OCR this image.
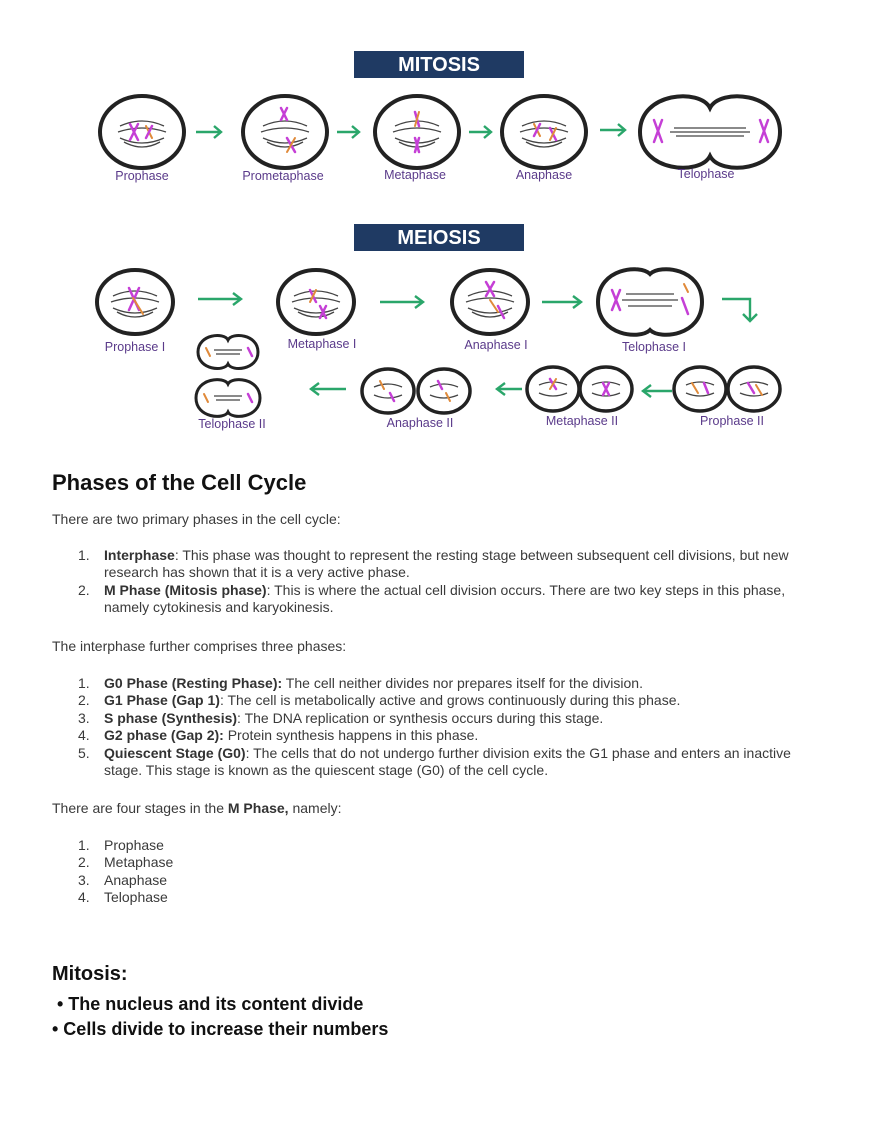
MITOSIS
Prophase	Prometaphase	Metaphase	Anaphase	Telophase
MEIOSIS
Prophase I	Metaphase I	Anaphase I	Telophase I
Telophase II	Anaphase II	Metaphase II	Prophase II
Phases of the Cell Cycle

There are two primary phases in the cell cycle:

1. Interphase: This phase was thought to represent the resting stage between subsequent cell divisions, but new research has shown that it is a very active phase.
2. M Phase (Mitosis phase): This is where the actual cell division occurs. There are two key steps in this phase, namely cytokinesis and karyokinesis.

The interphase further comprises three phases:

1. G0 Phase (Resting Phase): The cell neither divides nor prepares itself for the division.
2. G1 Phase (Gap 1): The cell is metabolically active and grows continuously during this phase.
3. S phase (Synthesis): The DNA replication or synthesis occurs during this stage.
4. G2 phase (Gap 2): Protein synthesis happens in this phase.
5. Quiescent Stage (G0): The cells that do not undergo further division exits the G1 phase and enters an inactive stage. This stage is known as the quiescent stage (G0) of the cell cycle.

There are four stages in the M Phase, namely:

1. Prophase
2. Metaphase
3. Anaphase
4. Telophase
Mitosis:
• The nucleus and its content divide
• Cells divide to increase their numbers
